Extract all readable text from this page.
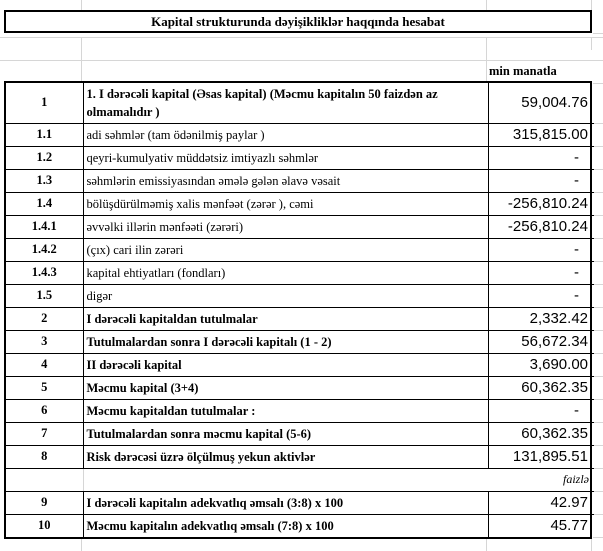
Kapital strukturunda dəyişikliklər haqqında hesabat
min manatla
1	1. I dərəcəli kapital (Əsas kapital) (Məcmu kapitalın 50 faizdən az olmamalıdır )	59,004.76
1.1	adi səhmlər (tam ödənilmiş paylar )	315,815.00
1.2	qeyri-kumulyativ müddətsiz imtiyazlı səhmlər	-
1.3	səhmlərin emissiyasından əmələ gələn əlavə vəsait	-
1.4	bölüşdürülməmiş xalis mənfəət (zərər ), cəmi	-256,810.24
1.4.1	əvvəlki illərin mənfəəti (zərəri)	-256,810.24
1.4.2	(çıx) cari ilin zərəri	-
1.4.3	kapital ehtiyatları (fondları)	-
1.5	digər	-
2	I dərəcəli kapitaldan tutulmalar	2,332.42
3	Tutulmalardan sonra I dərəcəli kapitalı (1 - 2)	56,672.34
4	II dərəcəli kapital	3,690.00
5	Məcmu kapital (3+4)	60,362.35
6	Məcmu kapitaldan tutulmalar :	-
7	Tutulmalardan sonra məcmu kapital (5-6)	60,362.35
8	Risk dərəcəsi üzrə ölçülmuş yekun aktivlər	131,895.51

faizlə		
9	I dərəcəli kapitalın adekvatlıq əmsalı (3:8) x 100	42.97
10	Məcmu kapitalın adekvatlıq əmsalı (7:8) x 100	45.77
